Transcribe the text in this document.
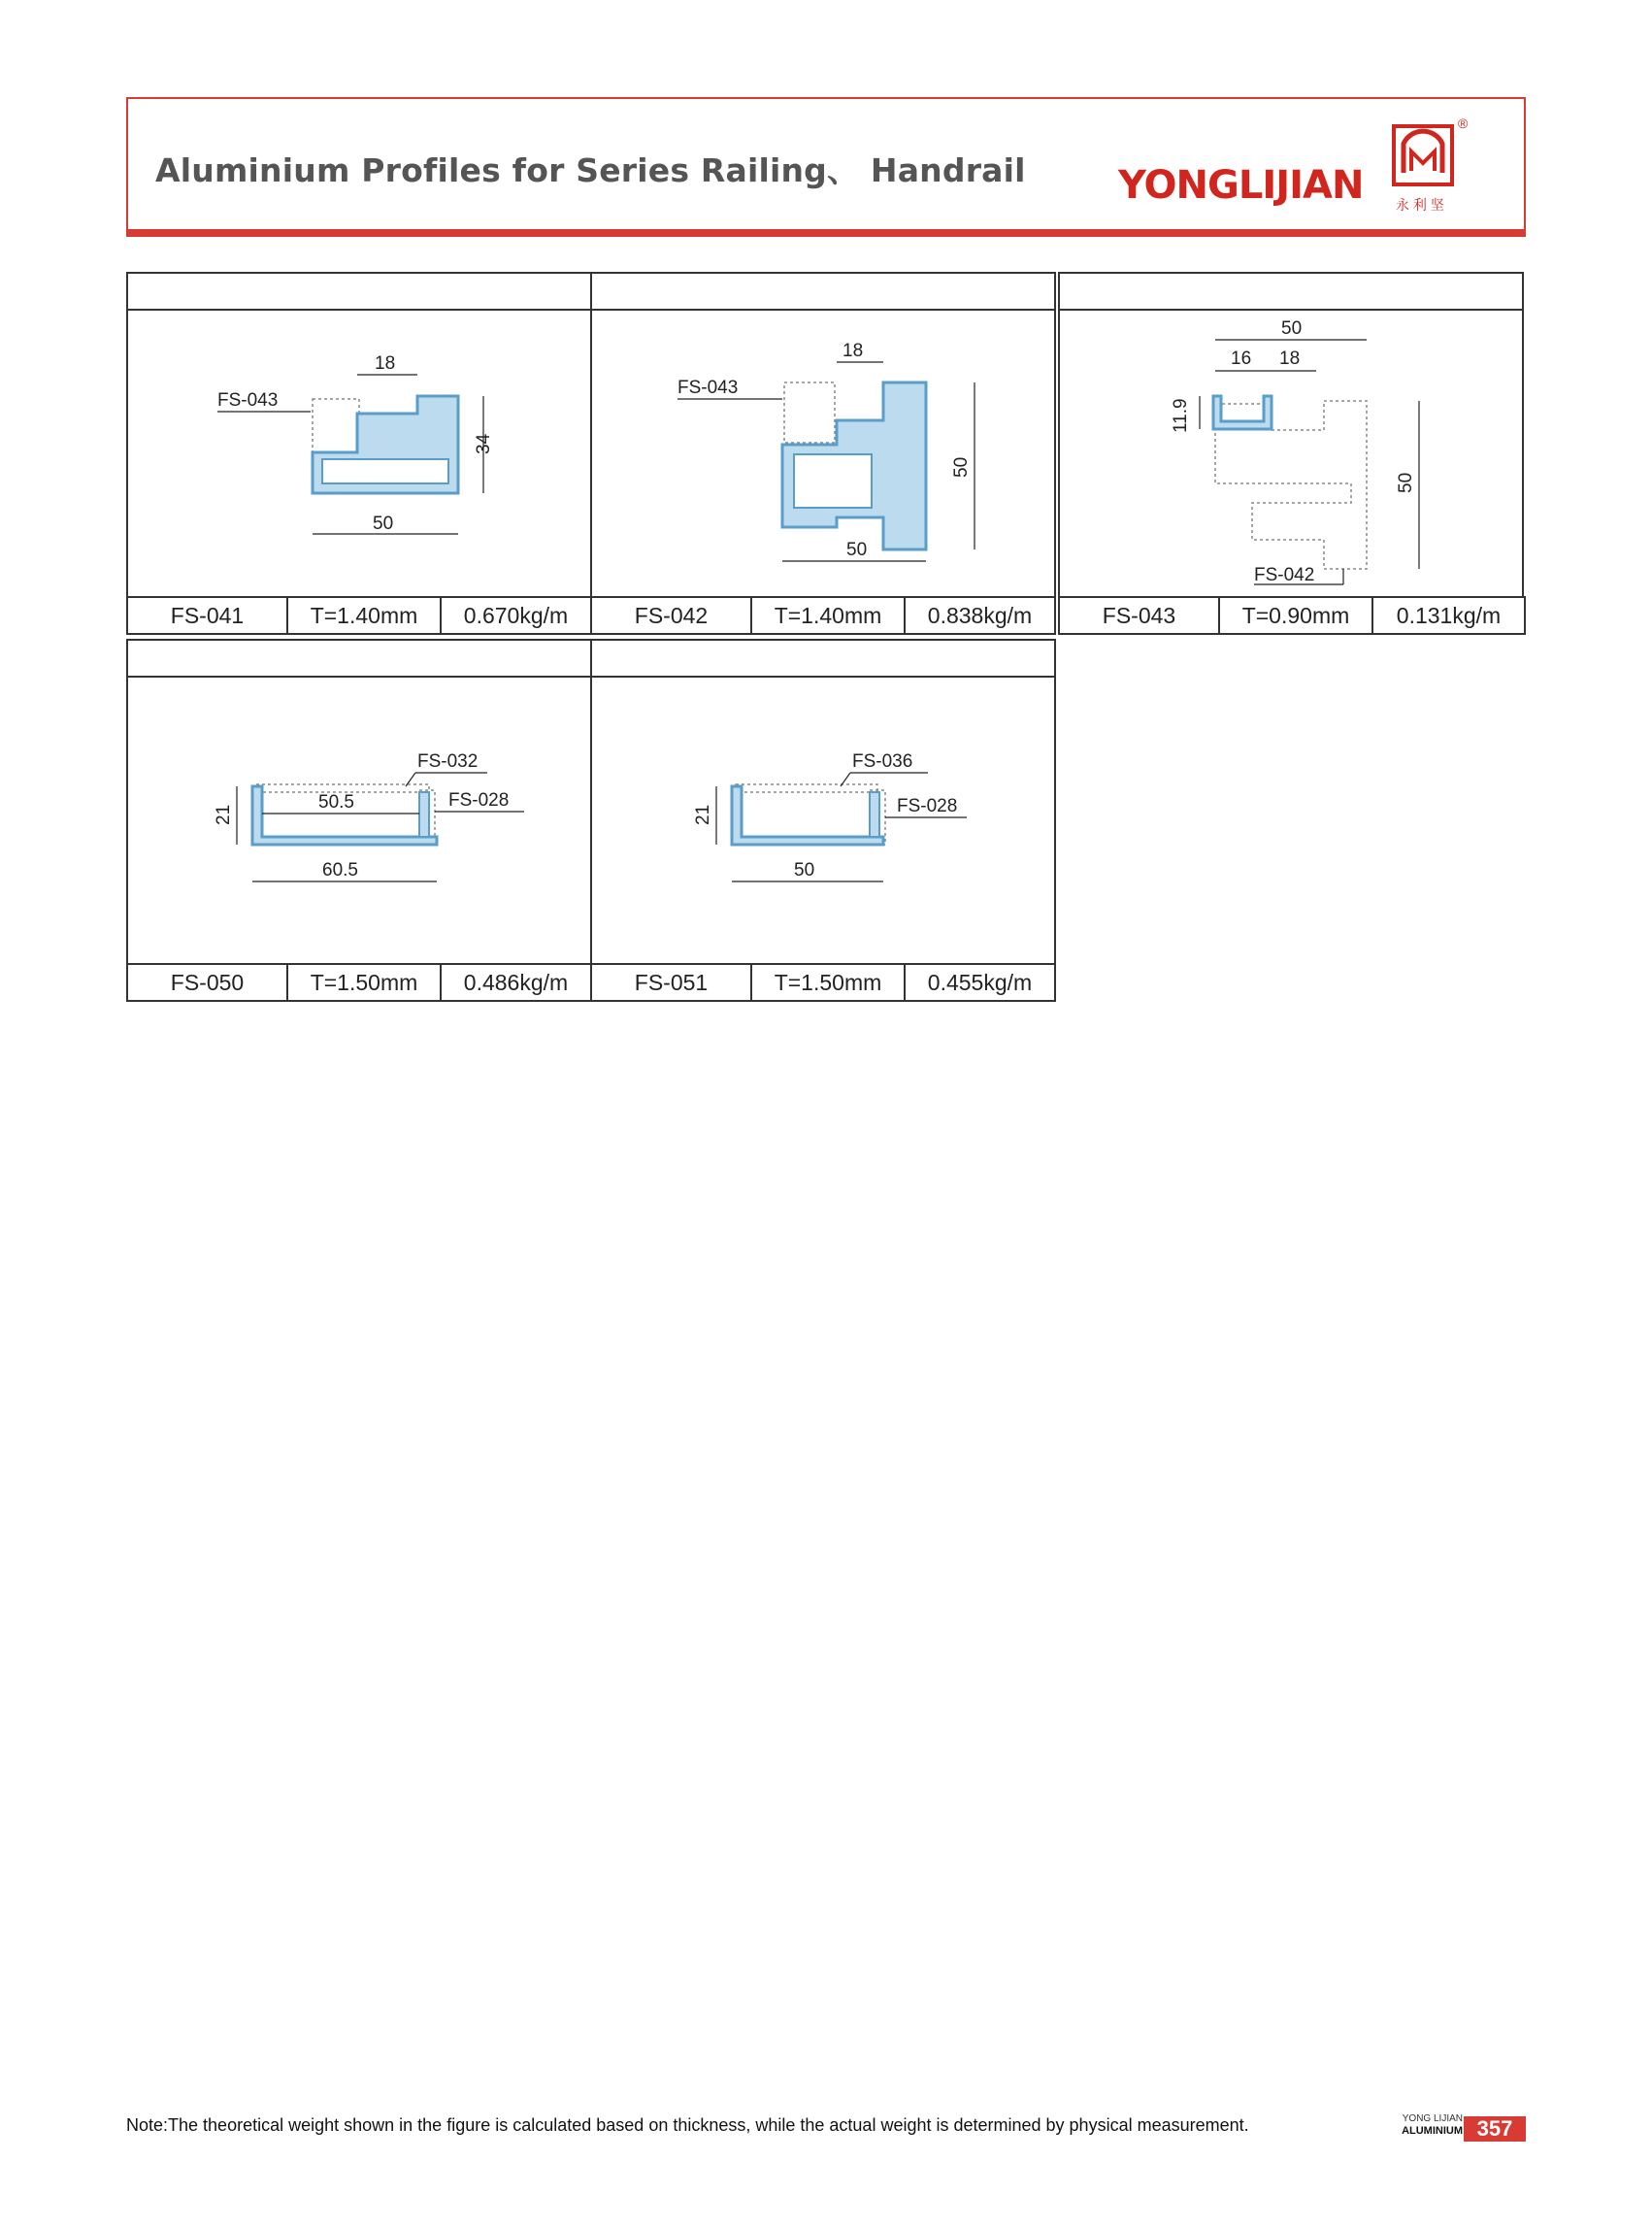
Aluminium Profiles for Series Railing、 Handrail YONGLIJIAN
®
永 利 坚
18
34
50
FS-043
FS-041	T=1.40mm	0.670kg/m
18
50
50
FS-043
FS-042	T=1.40mm	0.838kg/m
50
16 18
11.9
50
FS-042
FS-043	T=0.90mm	0.131kg/m
50.5
21
60.5
FS-032
FS-028
FS-050	T=1.50mm	0.486kg/m
21
50
FS-036
FS-028
FS-051	T=1.50mm	0.455kg/m
Note:The theoretical weight shown in the figure is calculated based on thickness, while the actual weight is determined by physical measurement.	YONG LIJIAN
ALUMINIUM 357
